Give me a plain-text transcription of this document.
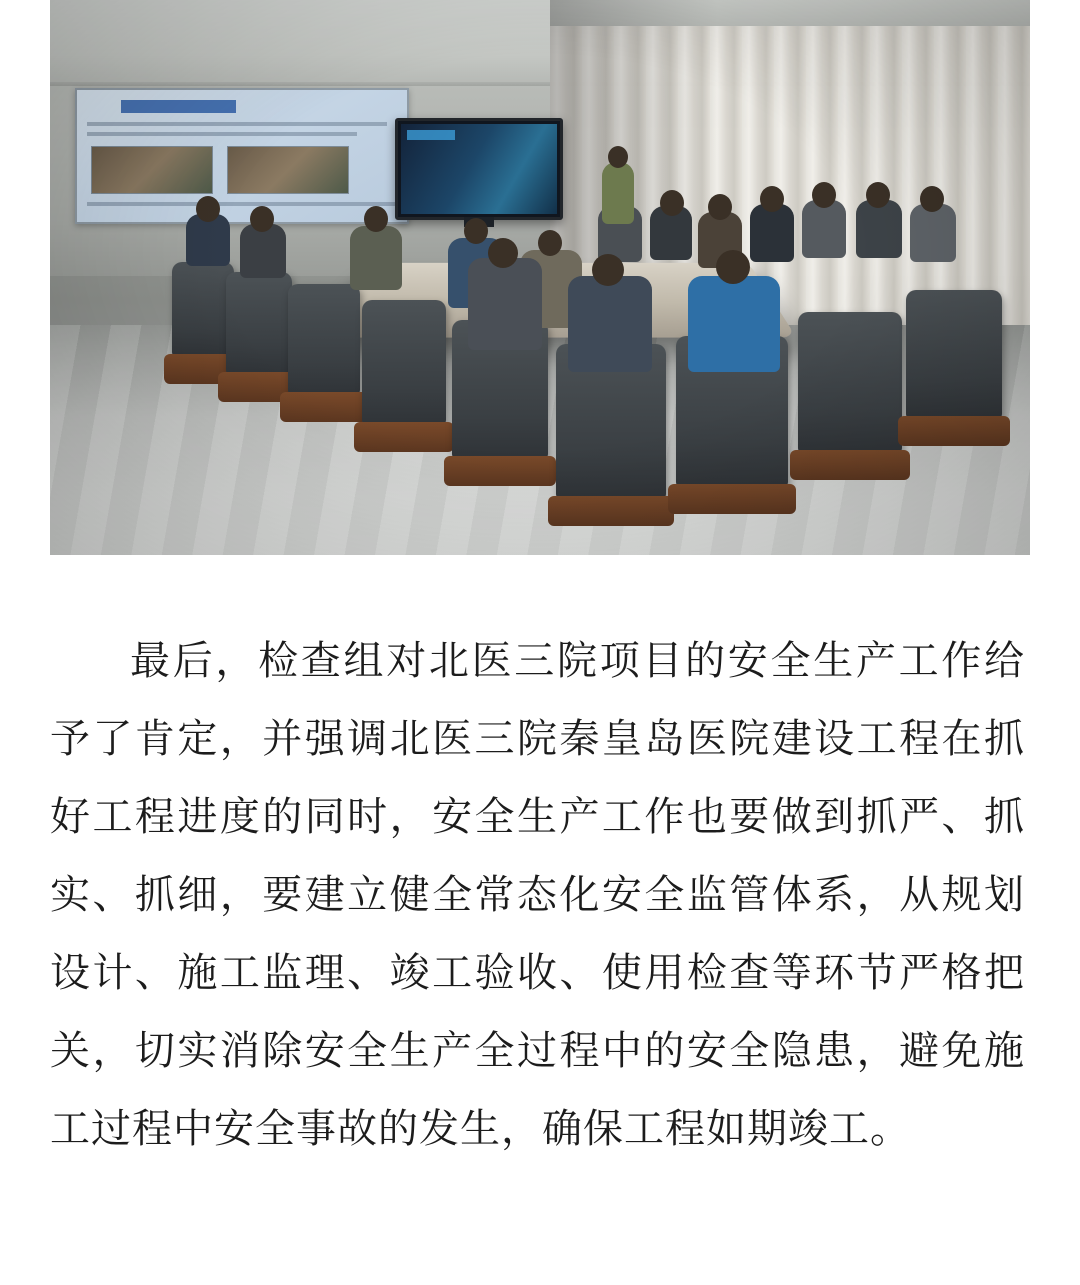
最后，检查组对北医三院项目的安全生产工作给予了肯定，并强调北医三院秦皇岛医院建设工程在抓好工程进度的同时，安全生产工作也要做到抓严、抓实、抓细，要建立健全常态化安全监管体系，从规划设计、施工监理、竣工验收、使用检查等环节严格把关，切实消除安全生产全过程中的安全隐患，避免施工过程中安全事故的发生，确保工程如期竣工。
